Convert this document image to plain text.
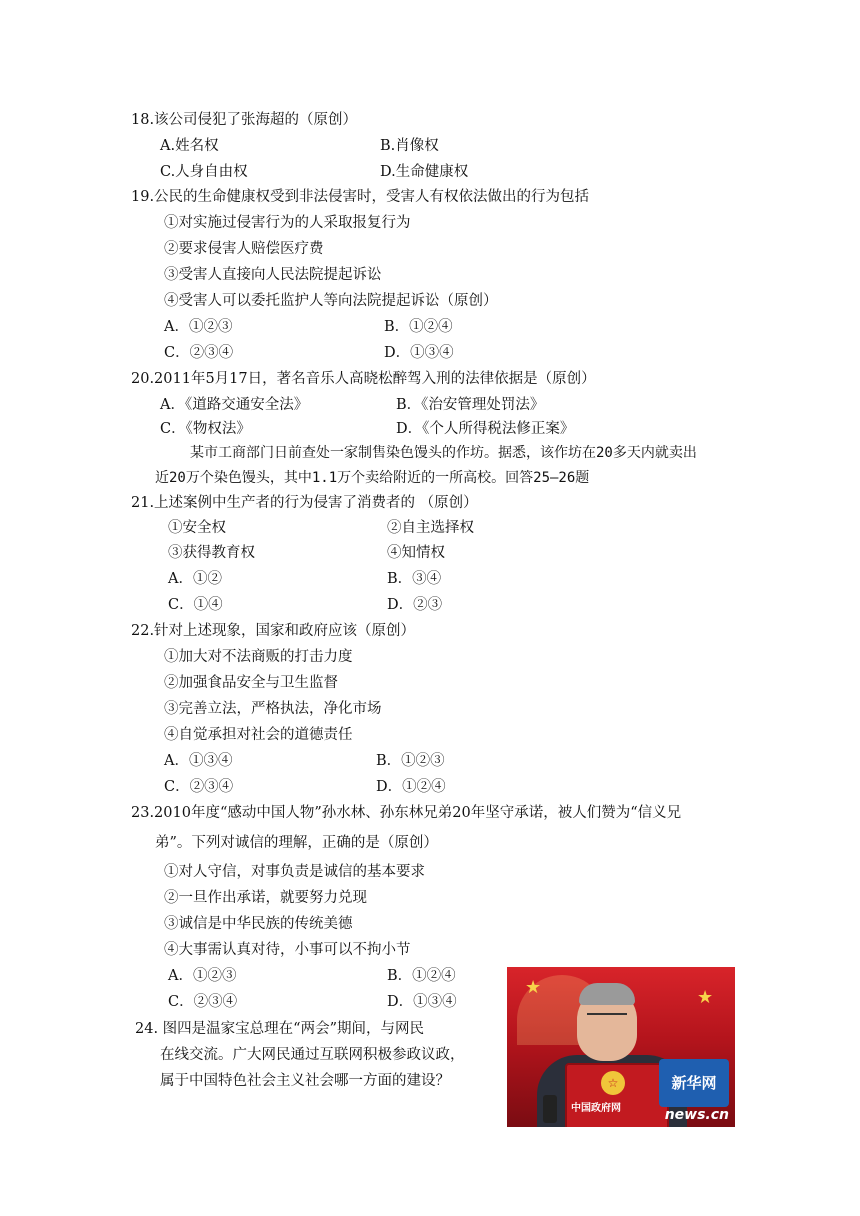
18.该公司侵犯了张海超的（原创）
A.姓名权	B.肖像权
C.人身自由权	D.生命健康权
19.公民的生命健康权受到非法侵害时，受害人有权依法做出的行为包括
①对实施过侵害行为的人采取报复行为
②要求侵害人赔偿医疗费
③受害人直接向人民法院提起诉讼
④受害人可以委托监护人等向法院提起诉讼（原创）
A．①②③	B．①②④
C．②③④	D．①③④
20.2011年5月17日，著名音乐人高晓松醉驾入刑的法律依据是（原创）
A．《道路交通安全法》	B．《治安管理处罚法》
C．《物权法》	D．《个人所得税法修正案》
某市工商部门日前查处一家制售染色馒头的作坊。据悉，该作坊在20多天内就卖出
近20万个染色馒头，其中1.1万个卖给附近的一所高校。回答25—26题
21.上述案例中生产者的行为侵害了消费者的 （原创）
①安全权	②自主选择权
③获得教育权	④知情权
A．①②	B．③④
C．①④	D．②③
22.针对上述现象，国家和政府应该（原创）
①加大对不法商贩的打击力度
②加强食品安全与卫生监督
③完善立法，严格执法，净化市场
④自觉承担对社会的道德责任
A．①③④	B．①②③
C．②③④	D．①②④
23.2010年度“感动中国人物”孙水林、孙东林兄弟20年坚守承诺，被人们赞为“信义兄
弟”。下列对诚信的理解，正确的是（原创）
①对人守信，对事负责是诚信的基本要求
②一旦作出承诺，就要努力兑现
③诚信是中华民族的传统美德
④大事需认真对待，小事可以不拘小节
A．①②③	B．①②④
C．②③④	D．①③④
24. 图四是温家宝总理在“两会”期间，与网民
在线交流。广大网民通过互联网积极参政议政，
属于中国特色社会主义社会哪一方面的建设？
★	★
☆
中国政府网
新华网
news.cn
